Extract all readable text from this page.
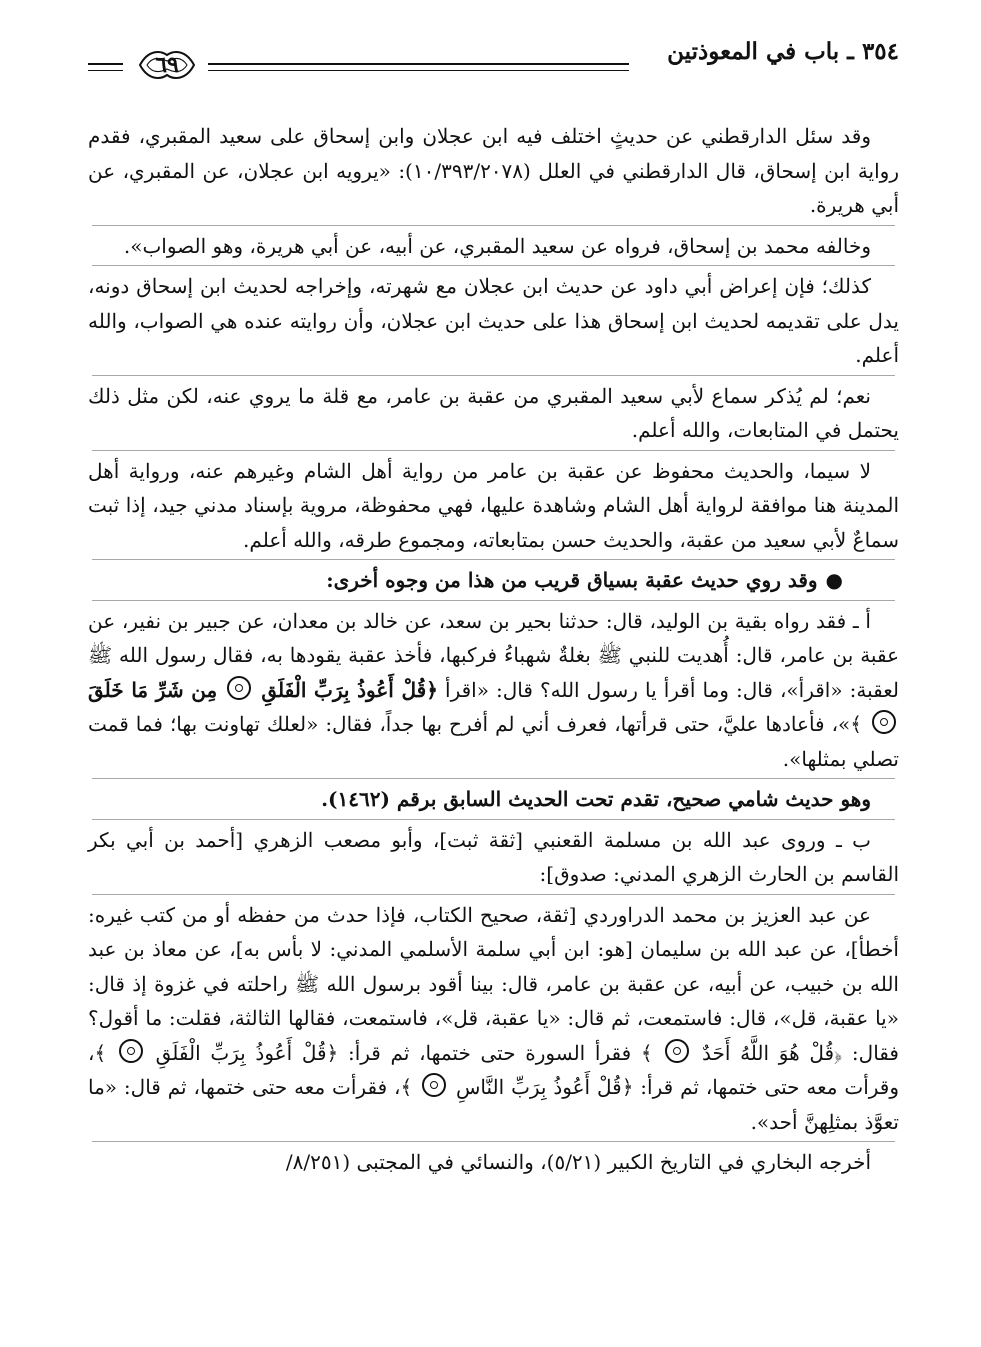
٣٥٤ ـ باب في المعوذتين
٦٩

وقد سئل الدارقطني عن حديثٍ اختلف فيه ابن عجلان وابن إسحاق على سعيد المقبري، فقدم رواية ابن إسحاق، قال الدارقطني في العلل (١٠/٣٩٣/٢٠٧٨): «يرويه ابن عجلان، عن المقبري، عن أبي هريرة.

وخالفه محمد بن إسحاق، فرواه عن سعيد المقبري، عن أبيه، عن أبي هريرة، وهو الصواب».

كذلك؛ فإن إعراض أبي داود عن حديث ابن عجلان مع شهرته، وإخراجه لحديث ابن إسحاق دونه، يدل على تقديمه لحديث ابن إسحاق هذا على حديث ابن عجلان، وأن روايته عنده هي الصواب، والله أعلم.

نعم؛ لم يُذكر سماع لأبي سعيد المقبري من عقبة بن عامر، مع قلة ما يروي عنه، لكن مثل ذلك يحتمل في المتابعات، والله أعلم.

لا سيما، والحديث محفوظ عن عقبة بن عامر من رواية أهل الشام وغيرهم عنه، ورواية أهل المدينة هنا موافقة لرواية أهل الشام وشاهدة عليها، فهي محفوظة، مروية بإسناد مدني جيد، إذا ثبت سماعٌ لأبي سعيد من عقبة، والحديث حسن بمتابعاته، ومجموع طرقه، والله أعلم.

●وقد روي حديث عقبة بسياق قريب من هذا من وجوه أخرى:

أ ـ فقد رواه بقية بن الوليد، قال: حدثنا بحير بن سعد، عن خالد بن معدان، عن جبير بن نفير، عن عقبة بن عامر، قال: أُهديت للنبي ﷺ بغلةٌ شهباءُ فركبها، فأخذ عقبة يقودها به، فقال رسول الله ﷺ لعقبة: «اقرأ»، قال: وما أقرأ يا رسول الله؟ قال: «اقرأ ﴿قُلْ أَعُوذُ بِرَبِّ الْفَلَقِ  مِن شَرِّ مَا خَلَقَ  ﴾»، فأعادها عليَّ، حتى قرأتها، فعرف أني لم أفرح بها جداً، فقال: «لعلك تهاونت بها؛ فما قمت تصلي بمثلها».

وهو حديث شامي صحيح، تقدم تحت الحديث السابق برقم (١٤٦٢).

ب ـ وروى عبد الله بن مسلمة القعنبي [ثقة ثبت]، وأبو مصعب الزهري [أحمد بن أبي بكر القاسم بن الحارث الزهري المدني: صدوق]:

عن عبد العزيز بن محمد الدراوردي [ثقة، صحيح الكتاب، فإذا حدث من حفظه أو من كتب غيره: أخطأ]، عن عبد الله بن سليمان [هو: ابن أبي سلمة الأسلمي المدني: لا بأس به]، عن معاذ بن عبد الله بن خبيب، عن أبيه، عن عقبة بن عامر، قال: بينا أقود برسول الله ﷺ راحلته في غزوة إذ قال: «يا عقبة، قل»، قال: فاستمعت، ثم قال: «يا عقبة، قل»، فاستمعت، فقالها الثالثة، فقلت: ما أقول؟ فقال: ﴿قُلْ هُوَ اللَّهُ أَحَدٌ  ﴾ فقرأ السورة حتى ختمها، ثم قرأ: ﴿قُلْ أَعُوذُ بِرَبِّ الْفَلَقِ  ﴾، وقرأت معه حتى ختمها، ثم قرأ: ﴿قُلْ أَعُوذُ بِرَبِّ النَّاسِ  ﴾، فقرأت معه حتى ختمها، ثم قال: «ما تعوَّذ بمثلِهنَّ أحد».

أخرجه البخاري في التاريخ الكبير (٥/٢١)، والنسائي في المجتبى (٨/٢٥١/
